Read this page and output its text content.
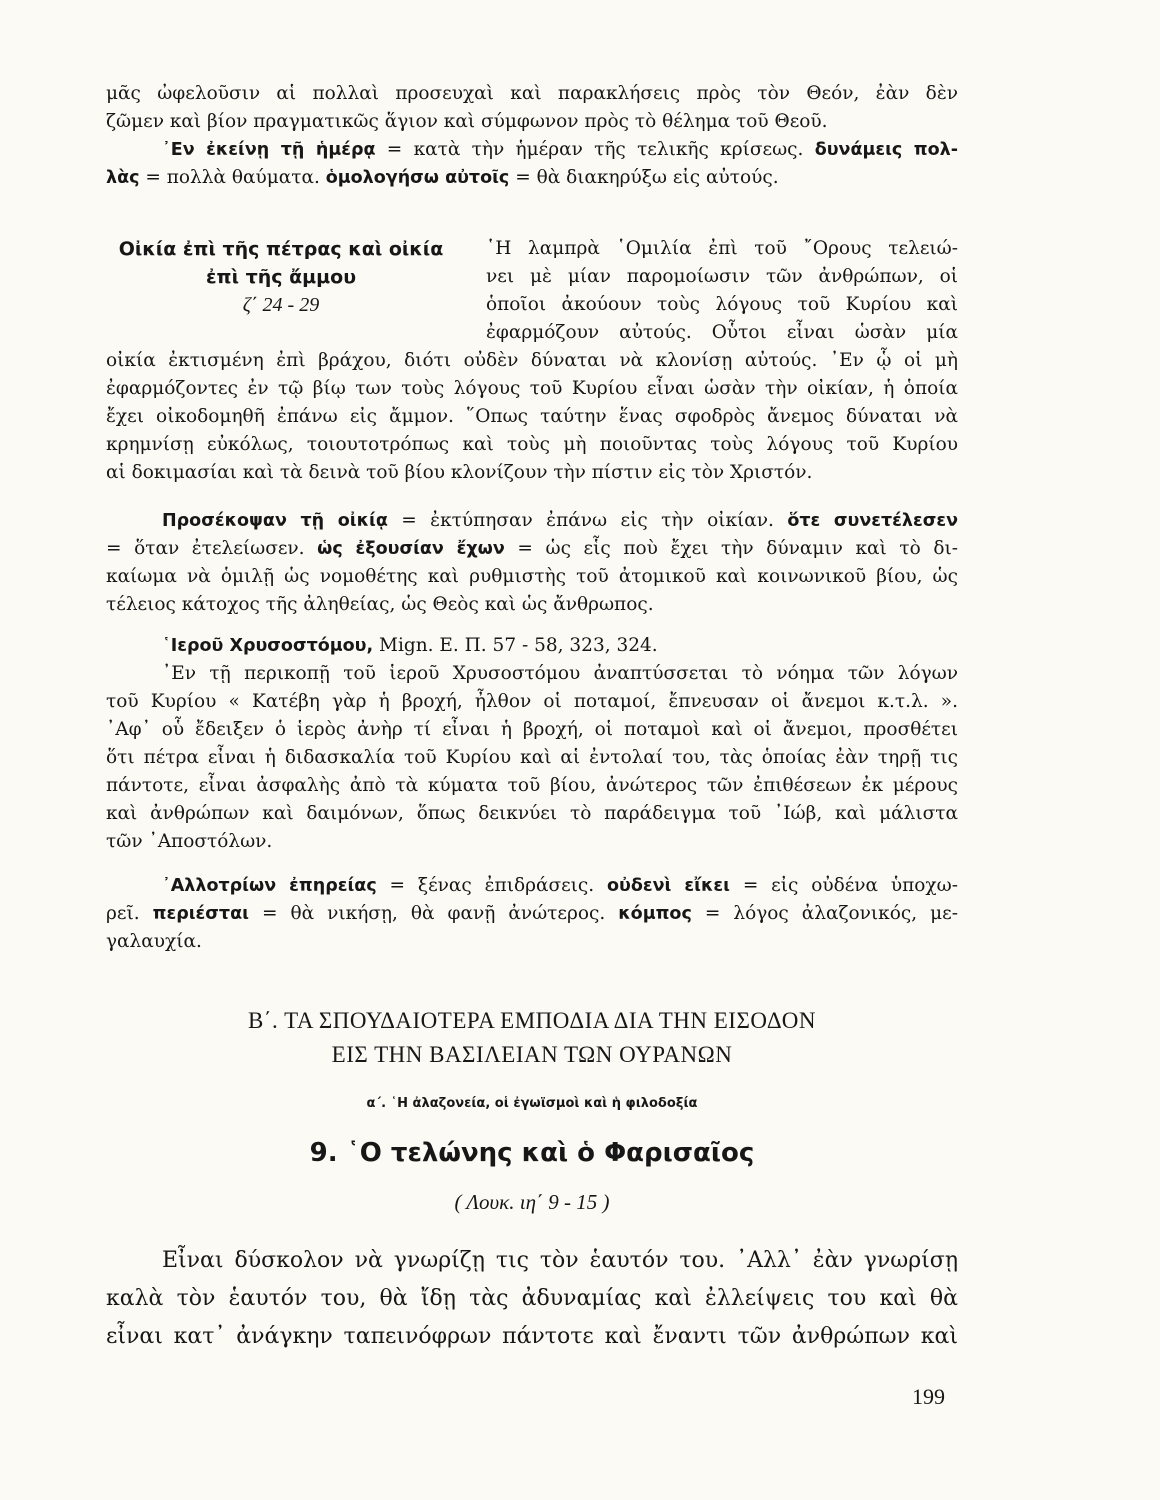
μᾶς ὠφελοῦσιν αἱ πολλαὶ προσευχαὶ καὶ παρακλήσεις πρὸς τὸν Θεόν, ἐὰν δὲν
ζῶμεν καὶ βίον πραγματικῶς ἅγιον καὶ σύμφωνον πρὸς τὸ θέλημα τοῦ Θεοῦ.
᾿Εν ἐκείνῃ τῇ ἡμέρᾳ = κατὰ τὴν ἡμέραν τῆς τελικῆς κρίσεως. δυνάμεις πολ-
λὰς = πολλὰ θαύματα. ὁμολογήσω αὐτοῖς = θὰ διακηρύξω εἰς αὐτούς.
Οἰκία ἐπὶ τῆς πέτρας καὶ οἰκία
ἐπὶ τῆς ἄμμου
ζ΄ 24 - 29
῾Η λαμπρὰ ῾Ομιλία ἐπὶ τοῦ ῎Ορους τελειώ-
νει μὲ μίαν παρομοίωσιν τῶν ἀνθρώπων, οἱ
ὁποῖοι ἀκούουν τοὺς λόγους τοῦ Κυρίου καὶ
ἐφαρμόζουν αὐτούς. Οὗτοι εἶναι ὡσὰν μία
οἰκία ἐκτισμένη ἐπὶ βράχου, διότι οὐδὲν δύναται νὰ κλονίσῃ αὐτούς. ᾿Εν ᾧ οἱ μὴ
ἐφαρμόζοντες ἐν τῷ βίῳ των τοὺς λόγους τοῦ Κυρίου εἶναι ὡσὰν τὴν οἰκίαν, ἡ ὁποία
ἔχει οἰκοδομηθῆ ἐπάνω εἰς ἄμμον. ῞Οπως ταύτην ἕνας σφοδρὸς ἄνεμος δύναται νὰ
κρημνίσῃ εὐκόλως, τοιουτοτρόπως καὶ τοὺς μὴ ποιοῦντας τοὺς λόγους τοῦ Κυρίου
αἱ δοκιμασίαι καὶ τὰ δεινὰ τοῦ βίου κλονίζουν τὴν πίστιν εἰς τὸν Χριστόν.
Προσέκοψαν τῇ οἰκίᾳ = ἐκτύπησαν ἐπάνω εἰς τὴν οἰκίαν. ὅτε συνετέλεσεν
= ὅταν ἐτελείωσεν. ὡς ἐξουσίαν ἔχων = ὡς εἷς ποὺ ἔχει τὴν δύναμιν καὶ τὸ δι-
καίωμα νὰ ὁμιλῇ ὡς νομοθέτης καὶ ρυθμιστὴς τοῦ ἀτομικοῦ καὶ κοινωνικοῦ βίου, ὡς
τέλειος κάτοχος τῆς ἀληθείας, ὡς Θεὸς καὶ ὡς ἄνθρωπος.
῾Ιεροῦ Χρυσοστόμου, Mign. Ε. Π. 57 - 58, 323, 324.
᾿Εν τῇ περικοπῇ τοῦ ἱεροῦ Χρυσοστόμου ἀναπτύσσεται τὸ νόημα τῶν λόγων
τοῦ Κυρίου « Κατέβη γὰρ ἡ βροχή, ἦλθον οἱ ποταμοί, ἔπνευσαν οἱ ἄνεμοι κ.τ.λ. ».
᾿Αφ᾿ οὗ ἔδειξεν ὁ ἱερὸς ἀνὴρ τί εἶναι ἡ βροχή, οἱ ποταμοὶ καὶ οἱ ἄνεμοι, προσθέτει
ὅτι πέτρα εἶναι ἡ διδασκαλία τοῦ Κυρίου καὶ αἱ ἐντολαί του, τὰς ὁποίας ἐὰν τηρῇ τις
πάντοτε, εἶναι ἀσφαλὴς ἀπὸ τὰ κύματα τοῦ βίου, ἀνώτερος τῶν ἐπιθέσεων ἐκ μέρους
καὶ ἀνθρώπων καὶ δαιμόνων, ὅπως δεικνύει τὸ παράδειγμα τοῦ ᾿Ιώβ, καὶ μάλιστα
τῶν ᾿Αποστόλων.
᾿Αλλοτρίων ἐπηρείας = ξένας ἐπιδράσεις. οὐδενὶ εἴκει = εἰς οὐδένα ὑποχω-
ρεῖ. περιέσται = θὰ νικήσῃ, θὰ φανῇ ἀνώτερος. κόμπος = λόγος ἀλαζονικός, με-
γαλαυχία.
Β΄. ΤΑ ΣΠΟΥΔΑΙΟΤΕΡΑ ΕΜΠΟΔΙΑ ΔΙΑ ΤΗΝ ΕΙΣΟΔΟΝ
ΕΙΣ ΤΗΝ ΒΑΣΙΛΕΙΑΝ ΤΩΝ ΟΥΡΑΝΩΝ
α΄. ῾Η ἀλαζονεία, οἱ ἐγωϊσμοὶ καὶ ἡ φιλοδοξία
9. ῾Ο τελώνης καὶ ὁ Φαρισαῖος
( Λουκ. ιη΄ 9 - 15 )
Εἶναι δύσκολον νὰ γνωρίζῃ τις τὸν ἑαυτόν του. ᾿Αλλ᾿ ἐὰν γνωρίσῃ
καλὰ τὸν ἑαυτόν του, θὰ ἴδῃ τὰς ἀδυναμίας καὶ ἐλλείψεις του καὶ θὰ
εἶναι κατ᾿ ἀνάγκην ταπεινόφρων πάντοτε καὶ ἔναντι τῶν ἀνθρώπων καὶ
199
